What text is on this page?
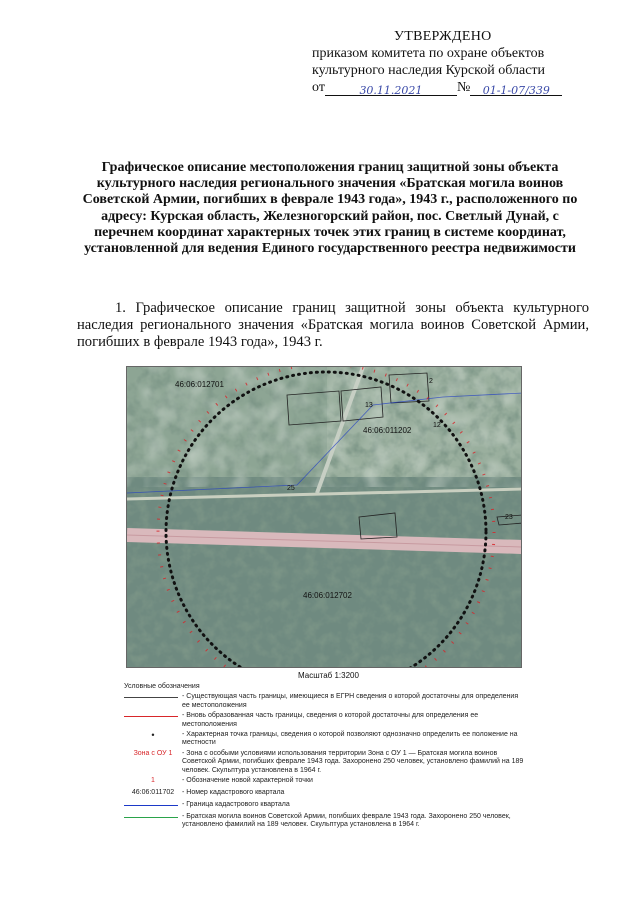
УТВЕРЖДЕНО
приказом комитета по охране объектов
культурного наследия Курской области
от	30.11.2021 № 01-1-07/339
Графическое описание местоположения границ защитной зоны объекта культурного наследия регионального значения «Братская могила воинов Советской Армии, погибших в феврале 1943 года», 1943 г., расположенного по адресу: Курская область, Железногорский район, пос. Светлый Дунай, с перечнем координат характерных точек этих границ в системе координат, установленной для ведения Единого государственного реестра недвижимости
1. Графическое описание границ защитной зоны объекта культурного наследия регионального значения «Братская могила воинов Советской Армии, погибших в феврале 1943 года», 1943 г.
46:06:012701
46:06:011202
46:06:012702
25
2
12
13
23
Масштаб 1:3200
Условные обозначения
- Существующая часть границы, имеющиеся в ЕГРН сведения о которой достаточны для определения ее местоположения
- Вновь образованная часть границы, сведения о которой достаточны для определения ее местоположения
•	- Характерная точка границы, сведения о которой позволяют однозначно определить ее положение на местности
Зона с ОУ 1	- Зона с особыми условиями использования территории Зона с ОУ 1 — Братская могила воинов Советской Армии, погибших феврале 1943 года. Захоронено 250 человек, установлено фамилий на 189 человек. Скульптура установлена в 1964 г.
1	- Обозначение новой характерной точки
46:06:011702	- Номер кадастрового квартала
- Граница кадастрового квартала
- Братская могила воинов Советской Армии, погибших феврале 1943 года. Захоронено 250 человек, установлено фамилий на 189 человек. Скульптура установлена в 1964 г.
